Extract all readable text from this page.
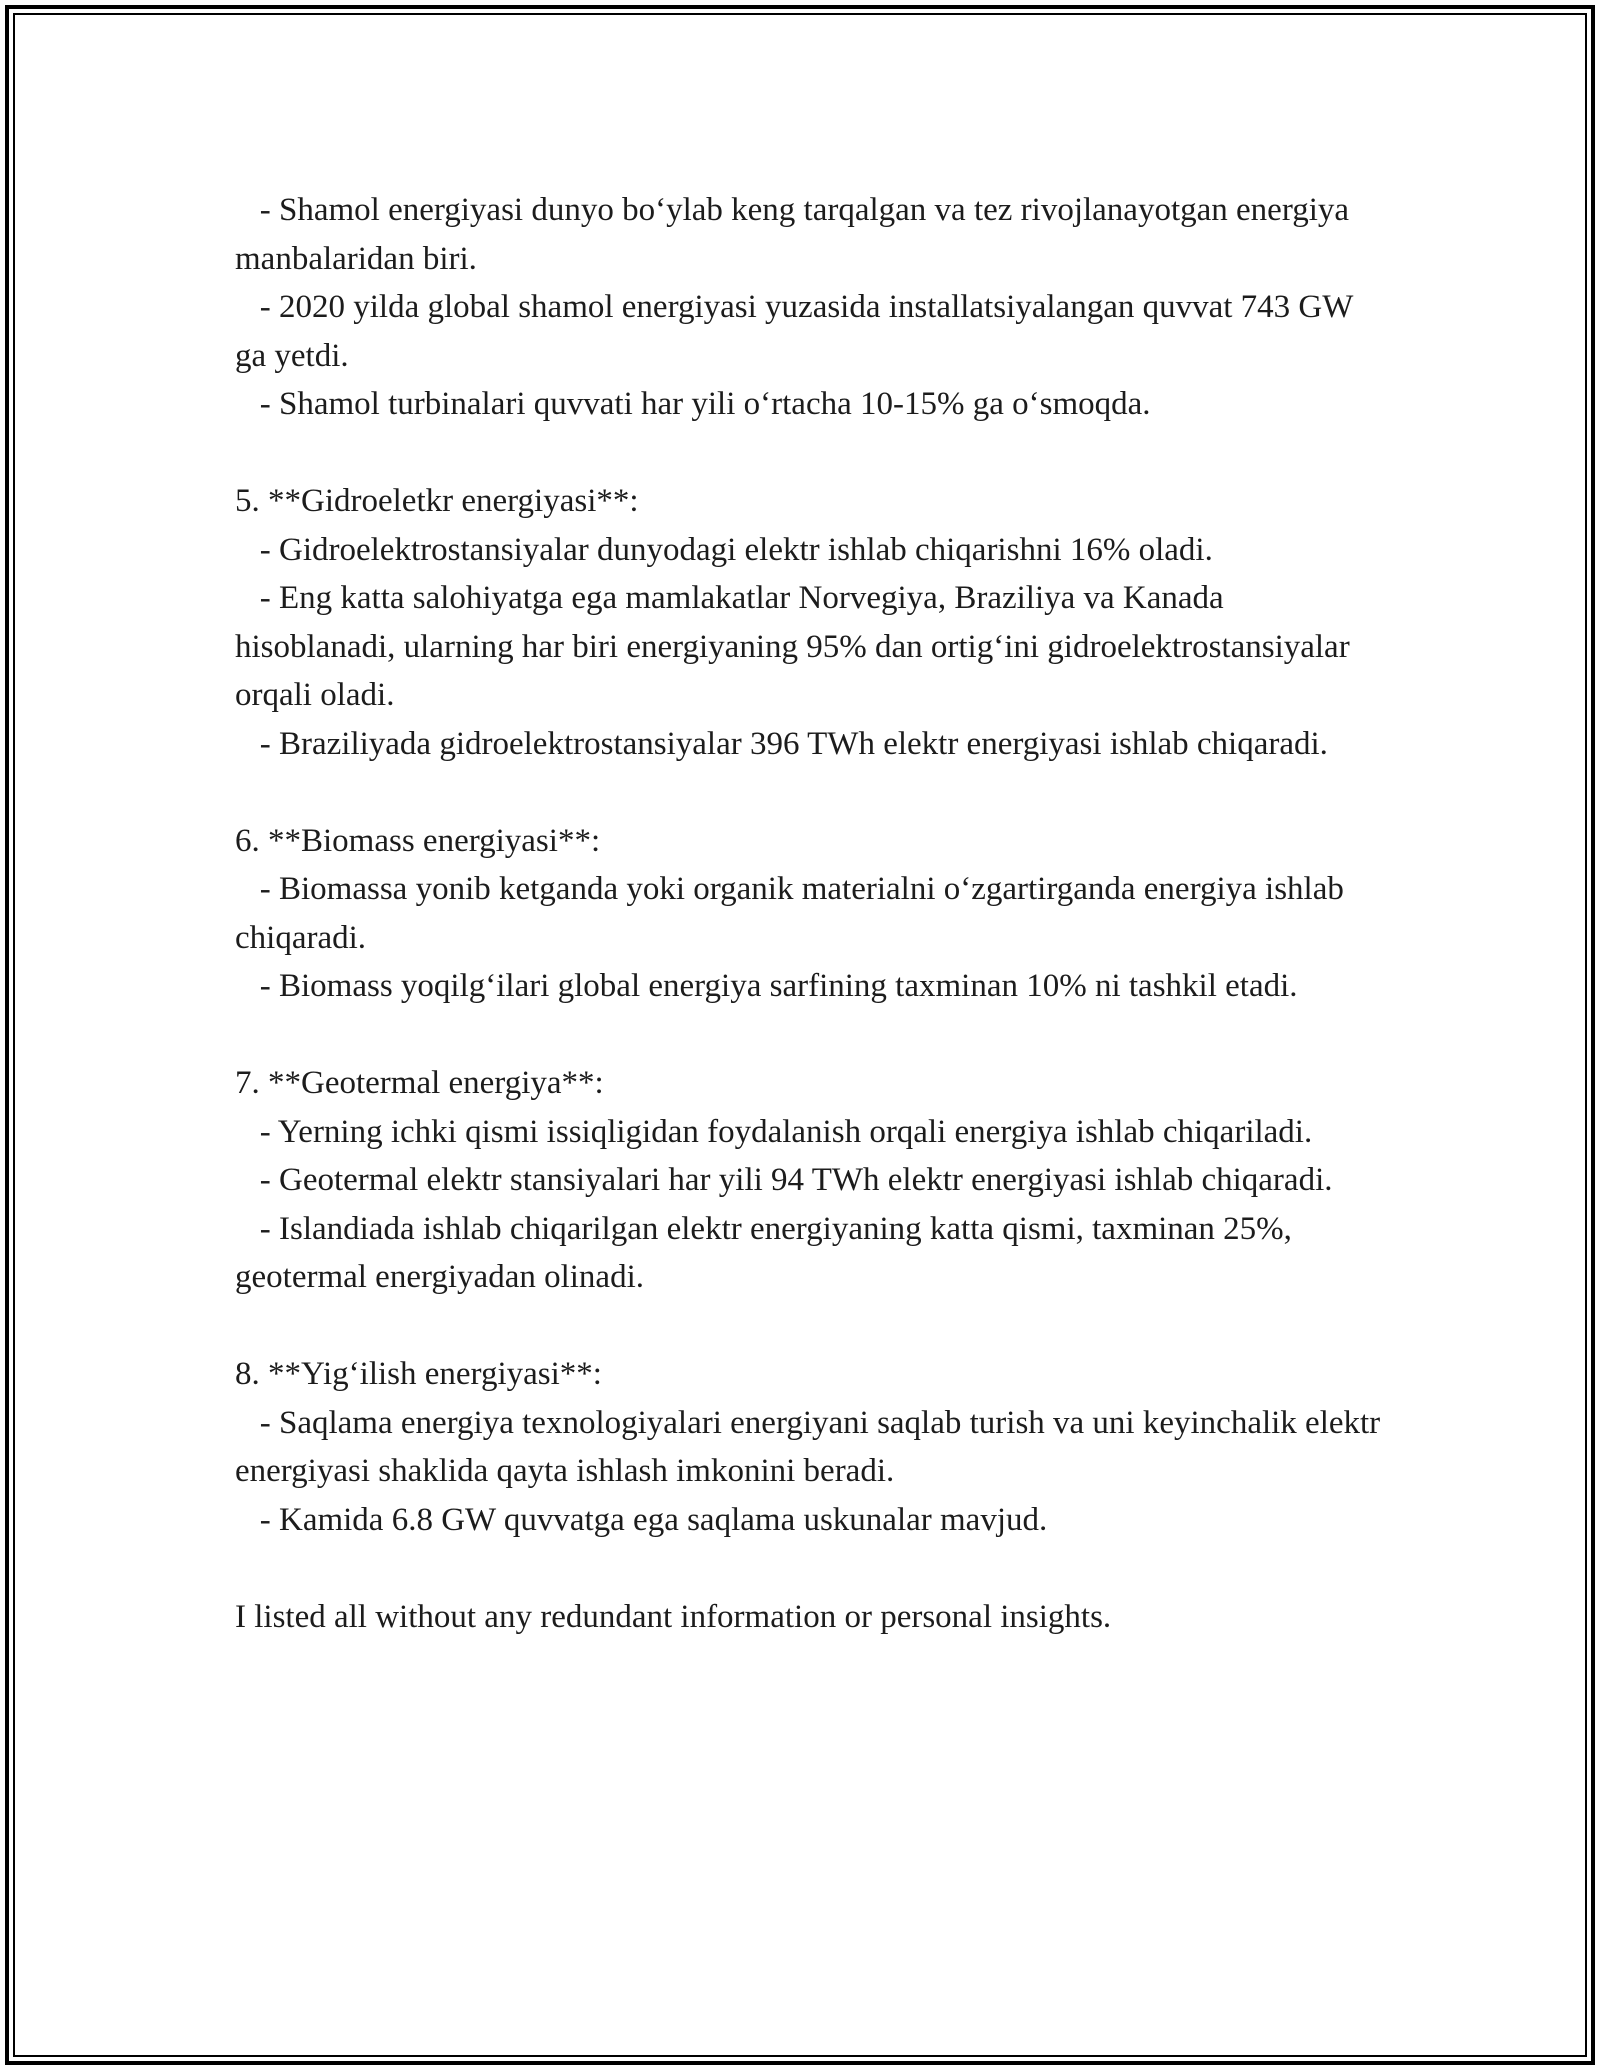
- Shamol energiyasi dunyo bo‘ylab keng tarqalgan va tez rivojlanayotgan energiya manbalaridan biri.

- 2020 yilda global shamol energiyasi yuzasida installatsiyalangan quvvat 743 GW ga yetdi.

- Shamol turbinalari quvvati har yili o‘rtacha 10-15% ga o‘smoqda.

5. **Gidroeletkr energiyasi**:

- Gidroelektrostansiyalar dunyodagi elektr ishlab chiqarishni 16% oladi.

- Eng katta salohiyatga ega mamlakatlar Norvegiya, Braziliya va Kanada hisoblanadi, ularning har biri energiyaning 95% dan ortig‘ini gidroelektrostansiyalar orqali oladi.

- Braziliyada gidroelektrostansiyalar 396 TWh elektr energiyasi ishlab chiqaradi.

6. **Biomass energiyasi**:

- Biomassa yonib ketganda yoki organik materialni o‘zgartirganda energiya ishlab chiqaradi.

- Biomass yoqilg‘ilari global energiya sarfining taxminan 10% ni tashkil etadi.

7. **Geotermal energiya**:

- Yerning ichki qismi issiqligidan foydalanish orqali energiya ishlab chiqariladi.

- Geotermal elektr stansiyalari har yili 94 TWh elektr energiyasi ishlab chiqaradi.

- Islandiada ishlab chiqarilgan elektr energiyaning katta qismi, taxminan 25%, geotermal energiyadan olinadi.

8. **Yig‘ilish energiyasi**:

- Saqlama energiya texnologiyalari energiyani saqlab turish va uni keyinchalik elektr energiyasi shaklida qayta ishlash imkonini beradi.

- Kamida 6.8 GW quvvatga ega saqlama uskunalar mavjud.

I listed all without any redundant information or personal insights.
